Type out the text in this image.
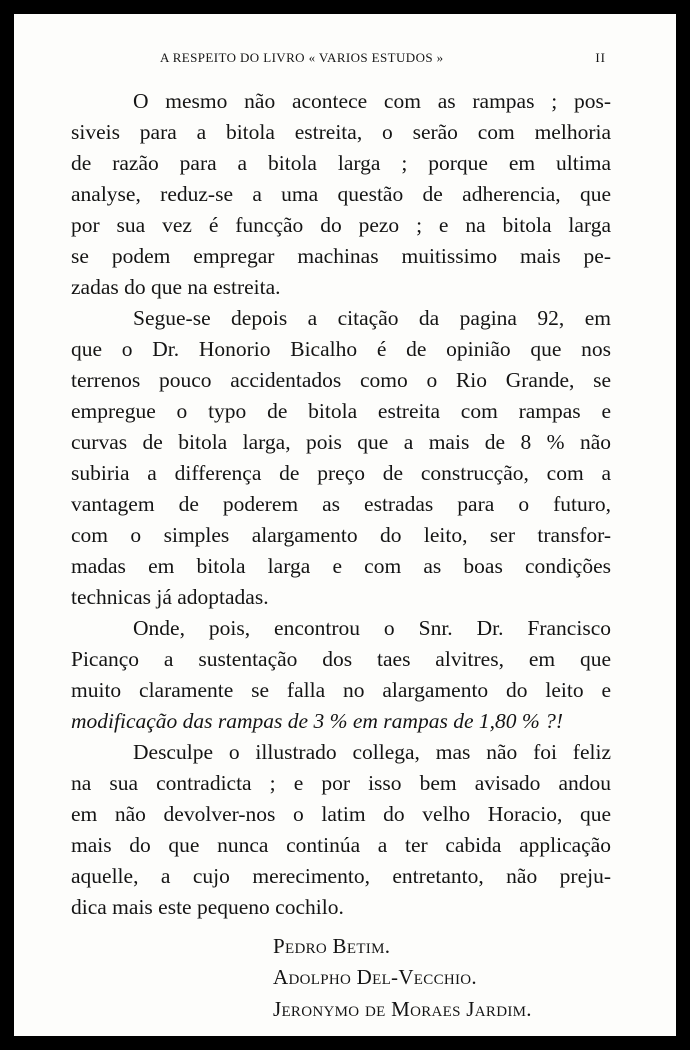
A RESPEITO DO LIVRO « VARIOS ESTUDOS »	II
O mesmo não acontece com as rampas ; pos-
siveis para a bitola estreita, o serão com melhoria
de razão para a bitola larga ; porque em ultima
analyse, reduz-se a uma questão de adherencia, que
por sua vez é funcção do pezo ; e na bitola larga
se podem empregar machinas muitissimo mais pe-
zadas do que na estreita.
Segue-se depois a citação da pagina 92, em
que o Dr. Honorio Bicalho é de opinião que nos
terrenos pouco accidentados como o Rio Grande, se
empregue o typo de bitola estreita com rampas e
curvas de bitola larga, pois que a mais de 8 % não
subiria a differença de preço de construcção, com a
vantagem de poderem as estradas para o futuro,
com o simples alargamento do leito, ser transfor-
madas em bitola larga e com as boas condições
technicas já adoptadas.
Onde, pois, encontrou o Snr. Dr. Francisco
Picanço a sustentação dos taes alvitres, em que
muito claramente se falla no alargamento do leito e
modificação das rampas de 3 % em rampas de 1,80 % ?!
Desculpe o illustrado collega, mas não foi feliz
na sua contradicta ; e por isso bem avisado andou
em não devolver-nos o latim do velho Horacio, que
mais do que nunca continúa a ter cabida applicação
aquelle, a cujo merecimento, entretanto, não preju-
dica mais este pequeno cochilo.
Pedro Betim.
Adolpho Del-Vecchio.
Jeronymo de Moraes Jardim.
